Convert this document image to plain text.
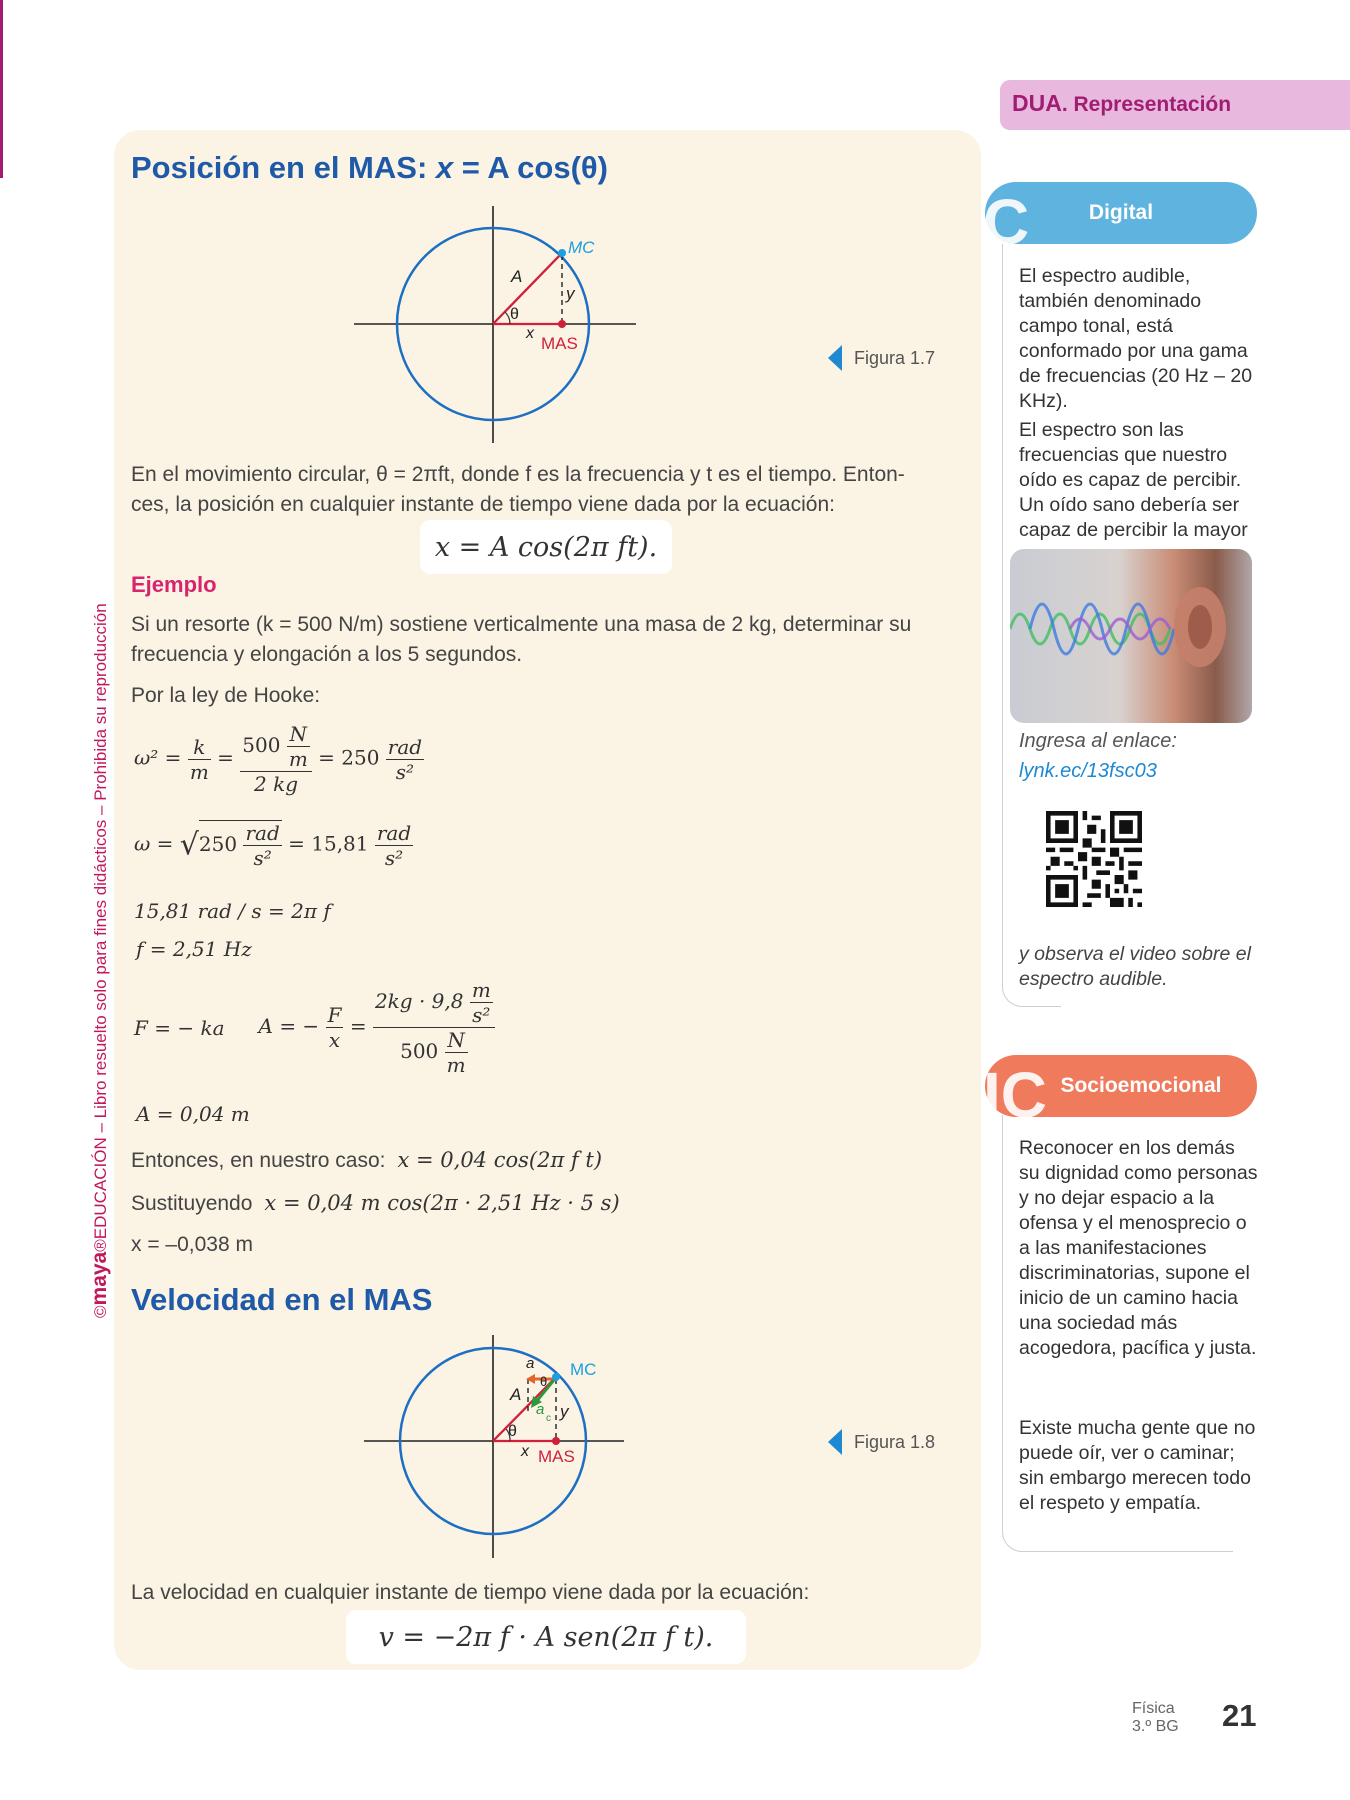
©maya®EDUCACIÓN – Libro resuelto solo para fines didácticos – Prohibida su reproducción
Posición en el MAS: x = A cos(θ)
MC
A
θ
y
x
MAS
Figura 1.7
En el movimiento circular, θ = 2πft, donde f es la frecuencia y t es el tiempo. Enton-
ces, la posición en cualquier instante de tiempo viene dada por la ecuación:
x = A cos(2π ft).
Ejemplo
Si un resorte (k = 500 N/m) sostiene verticalmente una masa de 2 kg, determinar su
frecuencia y elongación a los 5 segundos.
Por la ley de Hooke:
$\omega^2 = \frac{k}{m} = \frac{500 \frac{N}{m}}{2 kg} = 250 \frac{\text{rad}}{\text{s²}}$
$\omega = √250 \frac{\text{rad}}{\text{s²}} = 15,81 \frac{\text{rad}}{\text{s²}}$
15,81 rad / s = 2π f
f = 2,51 Hz
F = − ka A = − $\frac{F}{x} = \frac{2kg \cdot 9,8 \frac{m}{\text{s²}}}{500 \frac{N}{m}}$
A = 0,04 m
Entonces, en nuestro caso: x = 0,04 cos(2π f t)
Sustituyendo x = 0,04 m cos(2π · 2,51 Hz · 5 s)
x = –0,038 m
Velocidad en el MAS
MC
A
θ
θ
y
x MAS
a
a
c
Figura 1.8
La velocidad en cualquier instante de tiempo viene dada por la ecuación:
v = −2π f · A sen(2π f t).
DUA. Representación
Digital
C
El espectro audible, también denominado campo tonal, está conformado por una gama de frecuencias (20 Hz – 20 KHz).
El espectro son las frecuencias que nuestro oído es capaz de percibir. Un oído sano debería ser capaz de percibir la mayor
Ingresa al enlace:
lynk.ec/13fsc03
y observa el video sobre el espectro audible.
Socioemocional
IC
Reconocer en los demás su dignidad como personas y no dejar espacio a la ofensa y el menosprecio o a las manifestaciones discriminatorias, supone el inicio de un camino hacia una sociedad más acogedora, pacífica y justa.
Existe mucha gente que no puede oír, ver o caminar; sin embargo merecen todo el respeto y empatía.
Física
3.º BG 21
